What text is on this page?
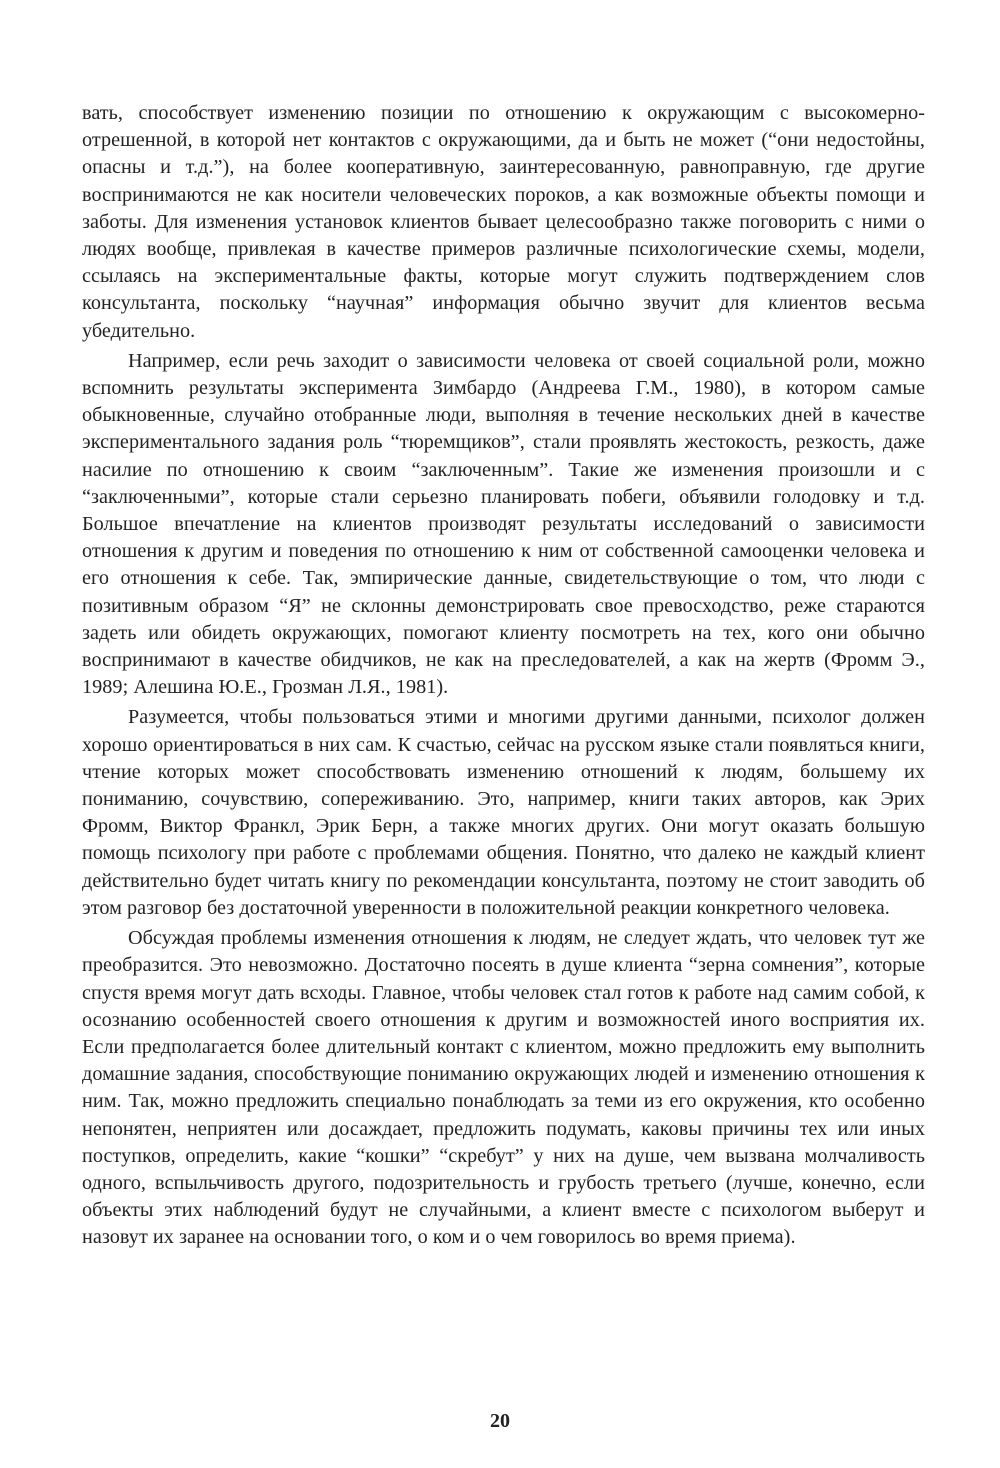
вать, способствует изменению позиции по отношению к окружающим с высокомерно-отрешенной, в которой нет контактов с окружающими, да и быть не может (“они недостойны, опасны и т.д.”), на более кооперативную, заинтересованную, равноправную, где другие воспринимаются не как носители человеческих пороков, а как возможные объекты помощи и заботы. Для изменения установок клиентов бывает целесообразно также поговорить с ними о людях вообще, привлекая в качестве примеров различные психологические схемы, модели, ссылаясь на экспериментальные факты, которые могут служить подтверждением слов консультанта, поскольку “научная” информация обычно звучит для клиентов весьма убедительно.

Например, если речь заходит о зависимости человека от своей социальной роли, можно вспомнить результаты эксперимента Зимбардо (Андреева Г.М., 1980), в котором самые обыкновенные, случайно отобранные люди, выполняя в течение нескольких дней в качестве экспериментального задания роль “тюремщиков”, стали проявлять жестокость, резкость, даже насилие по отношению к своим “заключенным”. Такие же изменения произошли и с “заключенными”, которые стали серьезно планировать побеги, объявили голодовку и т.д. Большое впечатление на клиентов производят результаты исследований о зависимости отношения к другим и поведения по отношению к ним от собственной самооценки человека и его отношения к себе. Так, эмпирические данные, свидетельствующие о том, что люди с позитивным образом “Я” не склонны демонстрировать свое превосходство, реже стараются задеть или обидеть окружающих, помогают клиенту посмотреть на тех, кого они обычно воспринимают в качестве обидчиков, не как на преследователей, а как на жертв (Фромм Э., 1989; Алешина Ю.Е., Грозман Л.Я., 1981).

Разумеется, чтобы пользоваться этими и многими другими данными, психолог должен хорошо ориентироваться в них сам. К счастью, сейчас на русском языке стали появляться книги, чтение которых может способствовать изменению отношений к людям, большему их пониманию, сочувствию, сопереживанию. Это, например, книги таких авторов, как Эрих Фромм, Виктор Франкл, Эрик Берн, а также многих других. Они могут оказать большую помощь психологу при работе с проблемами общения. Понятно, что далеко не каждый клиент действительно будет читать книгу по рекомендации консультанта, поэтому не стоит заводить об этом разговор без достаточной уверенности в положительной реакции конкретного человека.

Обсуждая проблемы изменения отношения к людям, не следует ждать, что человек тут же преобразится. Это невозможно. Достаточно посеять в душе клиента “зерна сомнения”, которые спустя время могут дать всходы. Главное, чтобы человек стал готов к работе над самим собой, к осознанию особенностей своего отношения к другим и возможностей иного восприятия их. Если предполагается более длительный контакт с клиентом, можно предложить ему выполнить домашние задания, способствующие пониманию окружающих людей и изменению отношения к ним. Так, можно предложить специально понаблюдать за теми из его окружения, кто особенно непонятен, неприятен или досаждает, предложить подумать, каковы причины тех или иных поступков, определить, какие “кошки” “скребут” у них на душе, чем вызвана молчаливость одного, вспыльчивость другого, подозрительность и грубость третьего (лучше, конечно, если объекты этих наблюдений будут не случайными, а клиент вместе с психологом выберут и назовут их заранее на основании того, о ком и о чем говорилось во время приема).

20
